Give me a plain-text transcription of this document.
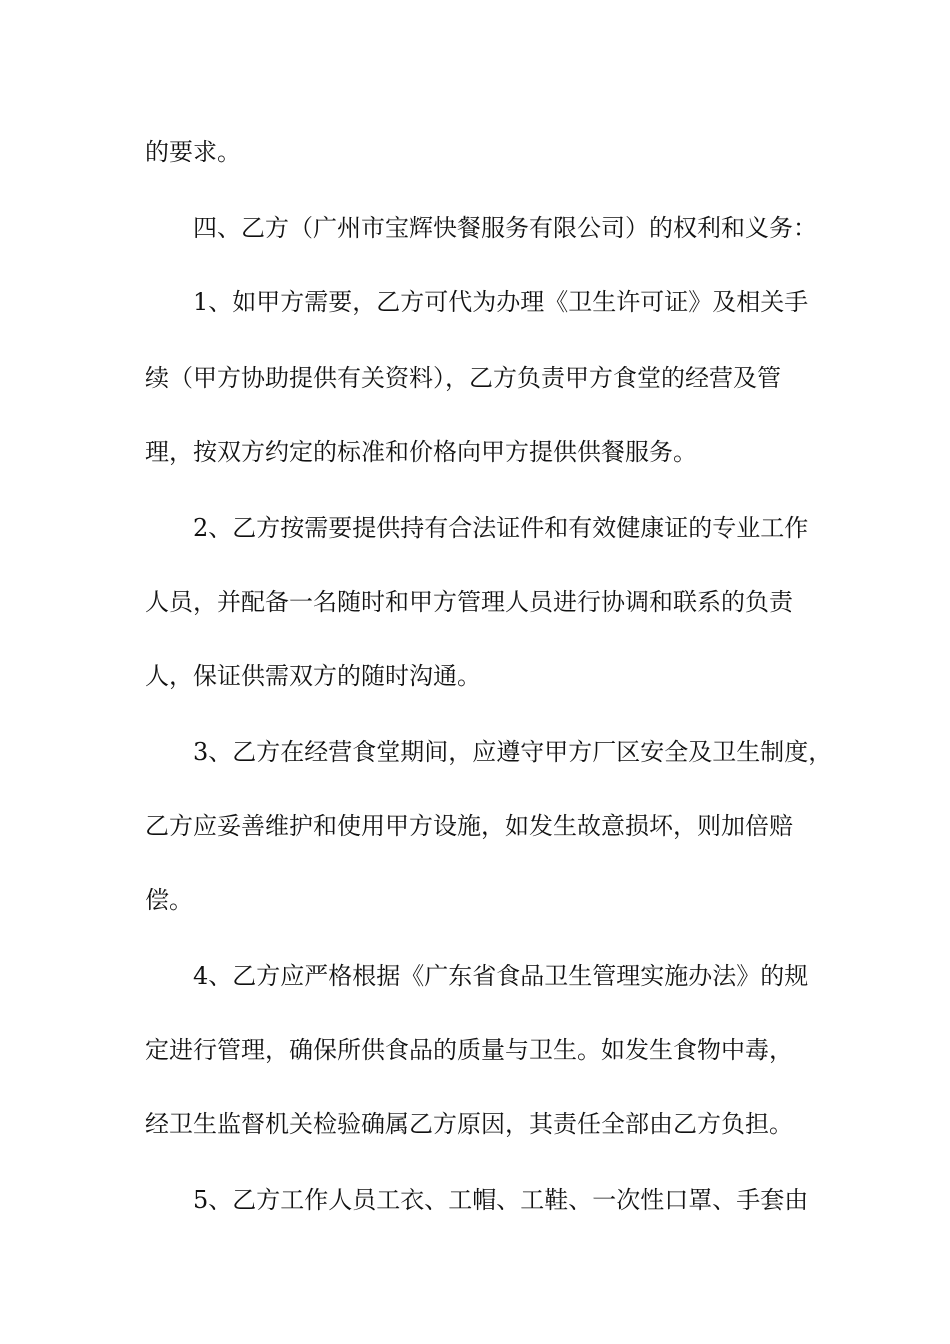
的要求。
四、乙方（广州市宝辉快餐服务有限公司）的权利和义务：
1、如甲方需要，乙方可代为办理《卫生许可证》及相关手
续（甲方协助提供有关资料），乙方负责甲方食堂的经营及管
理，按双方约定的标准和价格向甲方提供供餐服务。
2、乙方按需要提供持有合法证件和有效健康证的专业工作
人员，并配备一名随时和甲方管理人员进行协调和联系的负责
人，保证供需双方的随时沟通。
3、乙方在经营食堂期间，应遵守甲方厂区安全及卫生制度，
乙方应妥善维护和使用甲方设施，如发生故意损坏，则加倍赔
偿。
4、乙方应严格根据《广东省食品卫生管理实施办法》的规
定进行管理，确保所供食品的质量与卫生。如发生食物中毒，
经卫生监督机关检验确属乙方原因，其责任全部由乙方负担。
5、乙方工作人员工衣、工帽、工鞋、一次性口罩、手套由
